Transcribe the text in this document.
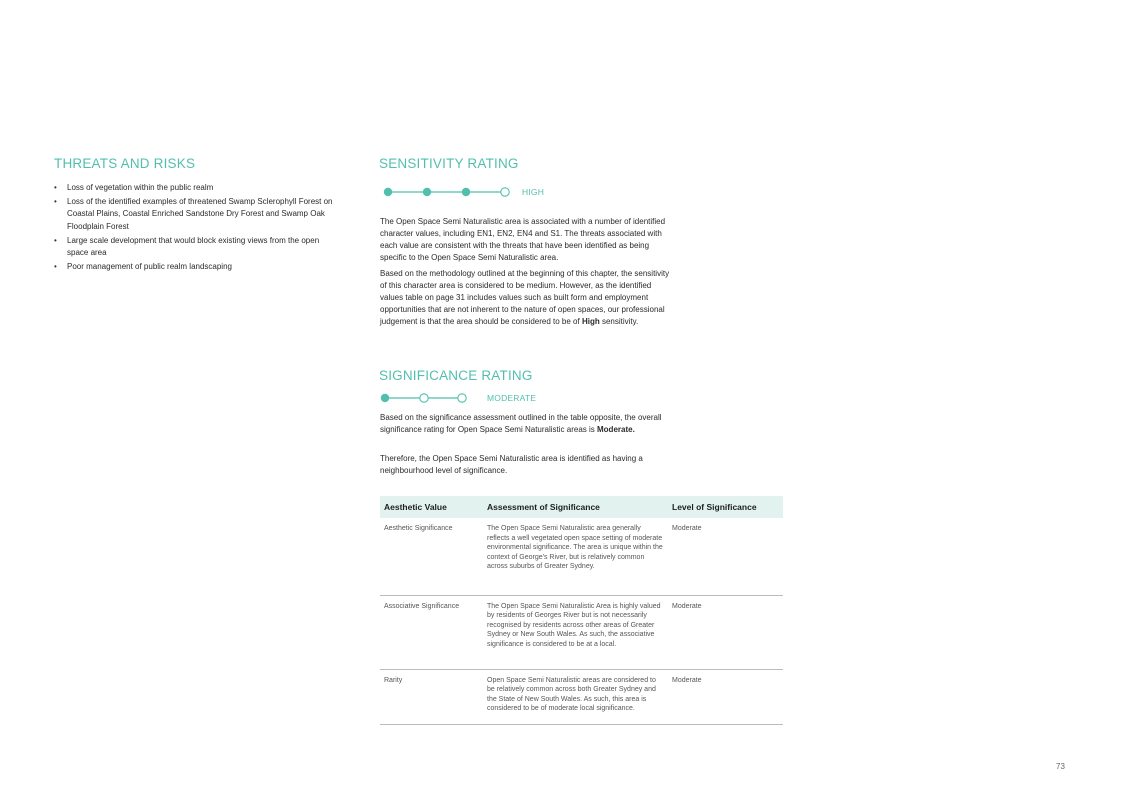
THREATS AND RISKS
• Loss of vegetation within the public realm
• Loss of the identified examples of threatened Swamp Sclerophyll Forest on Coastal Plains, Coastal Enriched Sandstone Dry Forest and Swamp Oak Floodplain Forest
• Large scale development that would block existing views from the open space area
• Poor management of public realm landscaping
SENSITIVITY RATING
HIGH

The Open Space Semi Naturalistic area is associated with a number of identified character values, including EN1, EN2, EN4 and S1. The threats associated with each value are consistent with the threats that have been identified as being specific to the Open Space Semi Naturalistic area.

Based on the methodology outlined at the beginning of this chapter, the sensitivity of this character area is considered to be medium. However, as the identified values table on page 31 includes values such as built form and employment opportunities that are not inherent to the nature of open spaces, our professional judgement is that the area should be considered to be of High sensitivity.

SIGNIFICANCE RATING
MODERATE

Based on the significance assessment outlined in the table opposite, the overall significance rating for Open Space Semi Naturalistic areas is Moderate.

Therefore, the Open Space Semi Naturalistic area is identified as having a neighbourhood level of significance.

Aesthetic Value	Assessment of Significance	Level of Significance
Aesthetic Significance	The Open Space Semi Naturalistic area generally reflects a well vegetated open space setting of moderate environmental significance. The area is unique within the context of George's River, but is relatively common across suburbs of Greater Sydney.	Moderate
Associative Significance	The Open Space Semi Naturalistic Area is highly valued by residents of Georges River but is not necessarily recognised by residents across other areas of Greater Sydney or New South Wales. As such, the associative significance is considered to be at a local.	Moderate
Rarity	Open Space Semi Naturalistic areas are considered to be relatively common across both Greater Sydney and the State of New South Wales. As such, this area is considered to be of moderate local significance.	Moderate
73
